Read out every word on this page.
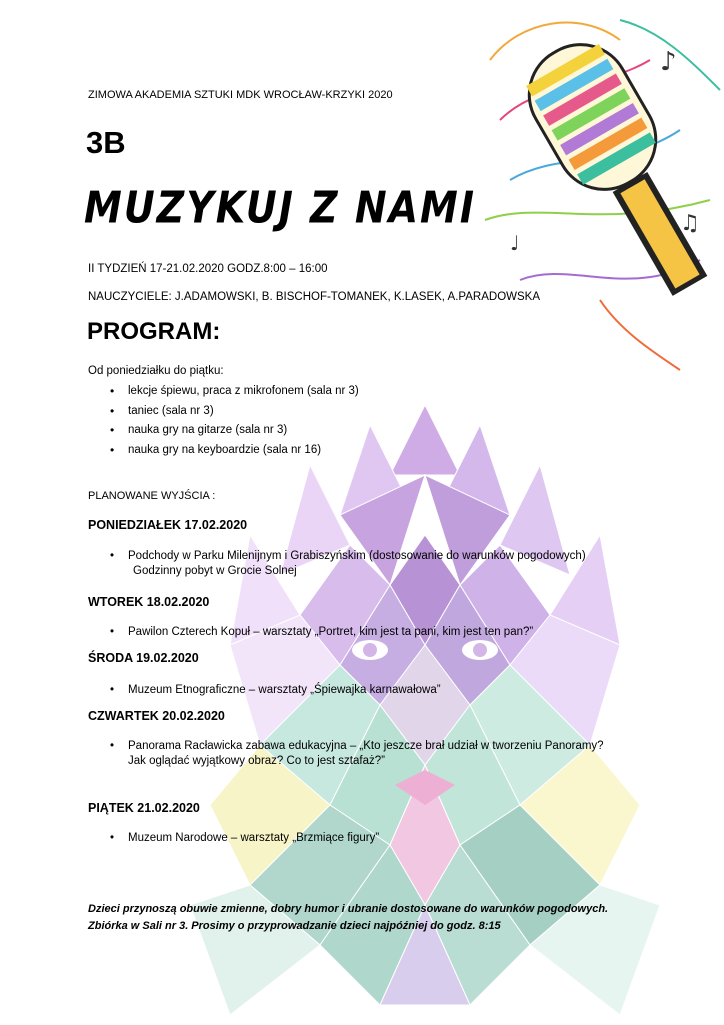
♪
♫
♩
ZIMOWA AKADEMIA SZTUKI MDK WROCŁAW-KRZYKI 2020
3B
MUZYKUJ Z NAMI
II TYDZIEŃ 17-21.02.2020 GODZ.8:00 – 16:00
NAUCZYCIELE: J.ADAMOWSKI, B. BISCHOF-TOMANEK, K.LASEK, A.PARADOWSKA
PROGRAM:
Od poniedziałku do piątku:
• lekcje śpiewu, praca z mikrofonem (sala nr 3)
• taniec (sala nr 3)
• nauka gry na gitarze (sala nr 3)
• nauka gry na keyboardzie (sala nr 16)
PLANOWANE WYJŚCIA :
PONIEDZIAŁEK 17.02.2020
• Podchody w Parku Milenijnym i Grabiszyńskim (dostosowanie do warunków pogodowych)
Godzinny pobyt w Grocie Solnej
WTOREK 18.02.2020
• Pawilon Czterech Kopuł – warsztaty „Portret, kim jest ta pani, kim jest ten pan?”
ŚRODA 19.02.2020
• Muzeum Etnograficzne – warsztaty „Śpiewajka karnawałowa”
CZWARTEK 20.02.2020
• Panorama Racławicka zabawa edukacyjna – „Kto jeszcze brał udział w tworzeniu Panoramy?
Jak oglądać wyjątkowy obraz? Co to jest sztafaż?”
PIĄTEK 21.02.2020
• Muzeum Narodowe – warsztaty „Brzmiące figury”
Dzieci przynoszą obuwie zmienne, dobry humor i ubranie dostosowane do warunków pogodowych.
Zbiórka w Sali nr 3. Prosimy o przyprowadzanie dzieci najpóźniej do godz. 8:15
